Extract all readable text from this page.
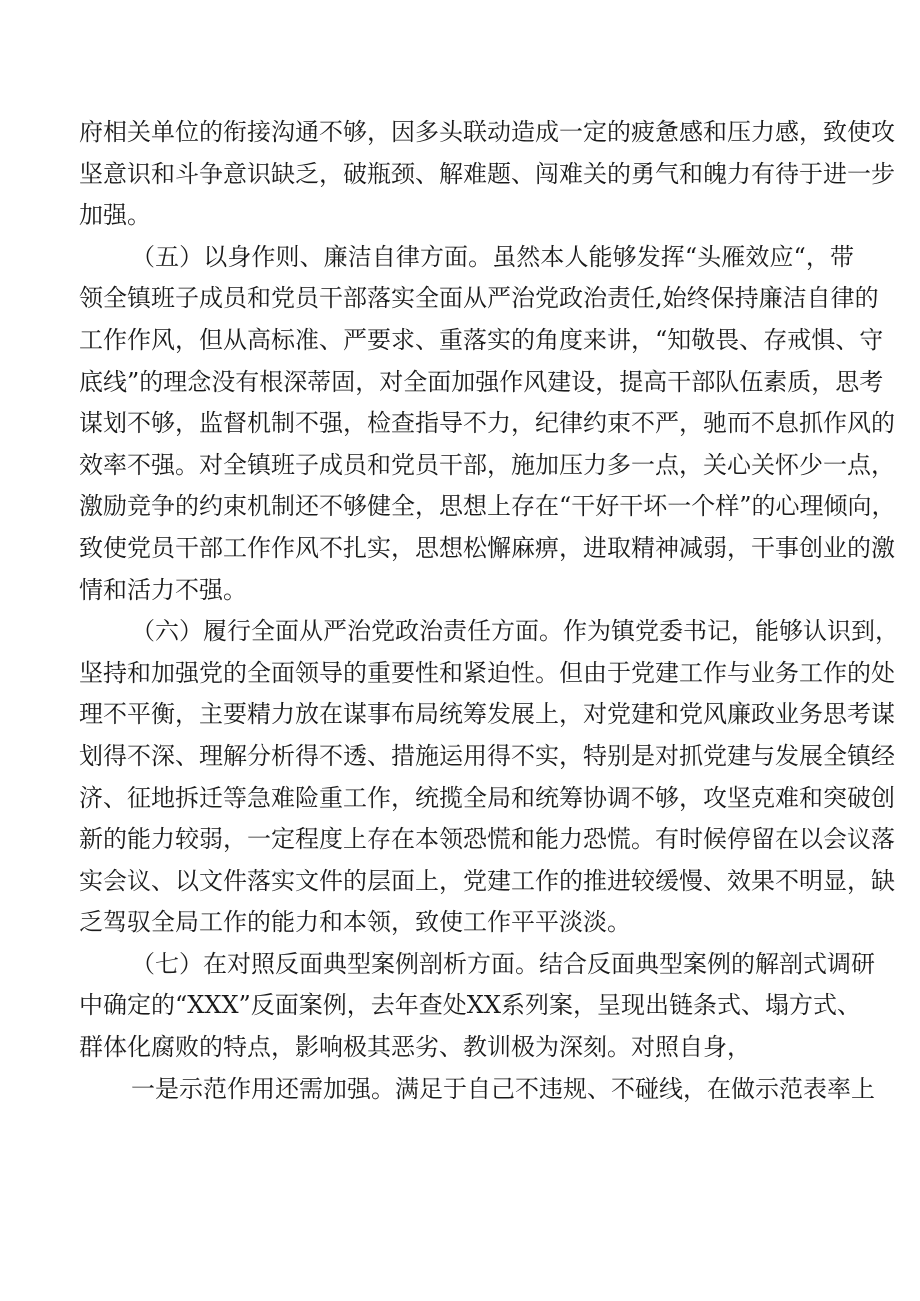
府相关单位的衔接沟通不够，因多头联动造成一定的疲惫感和压力感，致使攻
坚意识和斗争意识缺乏，破瓶颈、解难题、闯难关的勇气和魄力有待于进一步
加强。
（五）以身作则、廉洁自律方面。虽然本人能够发挥“头雁效应“，带
领全镇班子成员和党员干部落实全面从严治党政治责任,始终保持廉洁自律的
工作作风，但从高标准、严要求、重落实的角度来讲，“知敬畏、存戒惧、守
底线”的理念没有根深蒂固，对全面加强作风建设，提高干部队伍素质，思考
谋划不够，监督机制不强，检查指导不力，纪律约束不严，驰而不息抓作风的
效率不强。对全镇班子成员和党员干部，施加压力多一点，关心关怀少一点，
激励竞争的约束机制还不够健全，思想上存在“干好干坏一个样”的心理倾向，
致使党员干部工作作风不扎实，思想松懈麻痹，进取精神减弱，干事创业的激
情和活力不强。
（六）履行全面从严治党政治责任方面。作为镇党委书记，能够认识到，
坚持和加强党的全面领导的重要性和紧迫性。但由于党建工作与业务工作的处
理不平衡，主要精力放在谋事布局统筹发展上，对党建和党风廉政业务思考谋
划得不深、理解分析得不透、措施运用得不实，特别是对抓党建与发展全镇经
济、征地拆迁等急难险重工作，统揽全局和统筹协调不够，攻坚克难和突破创
新的能力较弱，一定程度上存在本领恐慌和能力恐慌。有时候停留在以会议落
实会议、以文件落实文件的层面上，党建工作的推进较缓慢、效果不明显，缺
乏驾驭全局工作的能力和本领，致使工作平平淡淡。
（七）在对照反面典型案例剖析方面。结合反面典型案例的解剖式调研
中确定的“XXX”反面案例，去年查处XX系列案，呈现出链条式、塌方式、
群体化腐败的特点，影响极其恶劣、教训极为深刻。对照自身，
一是示范作用还需加强。满足于自己不违规、不碰线，在做示范表率上
